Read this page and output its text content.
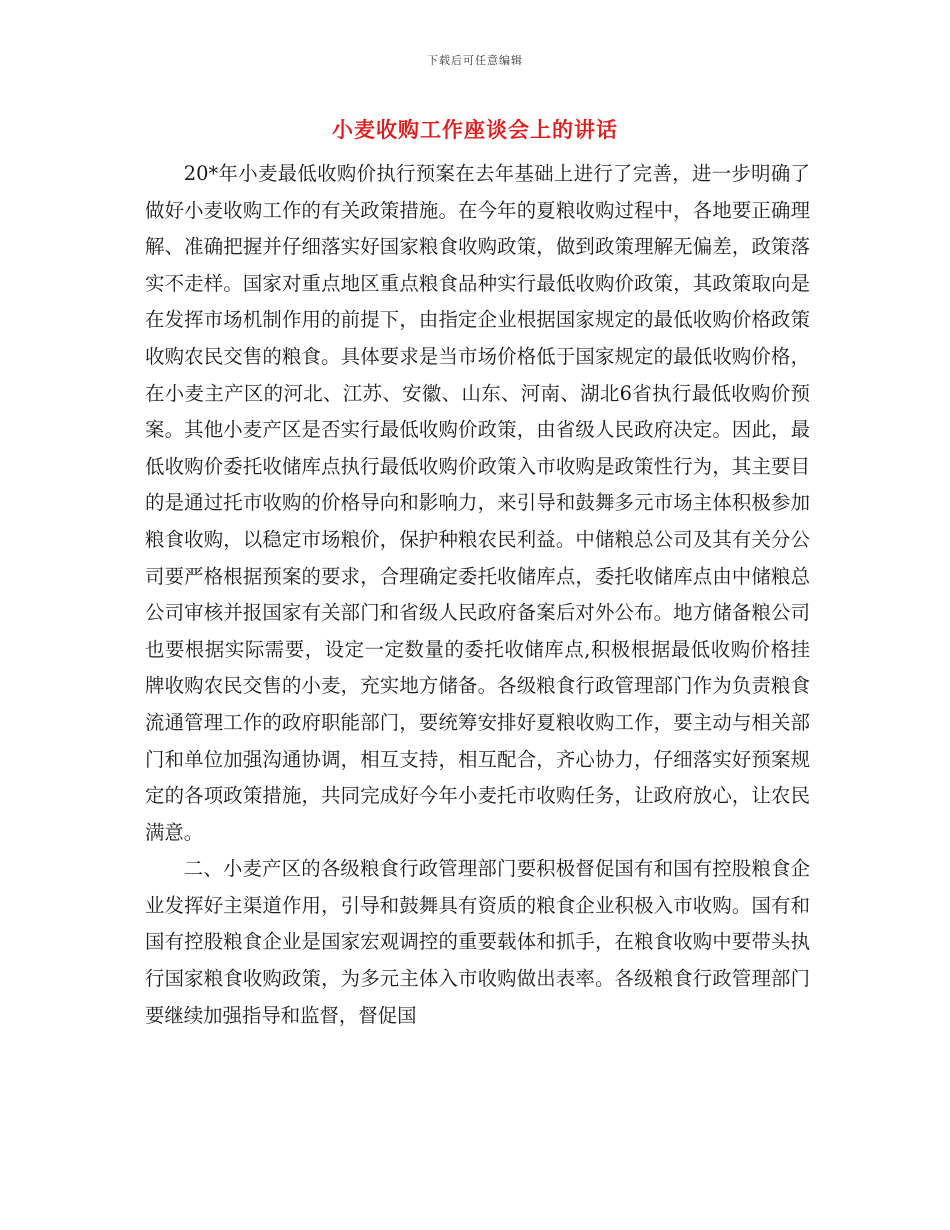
下载后可任意编辑
小麦收购工作座谈会上的讲话

20*年小麦最低收购价执行预案在去年基础上进行了完善，进一步明确了做好小麦收购工作的有关政策措施。在今年的夏粮收购过程中，各地要正确理解、准确把握并仔细落实好国家粮食收购政策，做到政策理解无偏差，政策落实不走样。国家对重点地区重点粮食品种实行最低收购价政策，其政策取向是在发挥市场机制作用的前提下，由指定企业根据国家规定的最低收购价格政策收购农民交售的粮食。具体要求是当市场价格低于国家规定的最低收购价格，在小麦主产区的河北、江苏、安徽、山东、河南、湖北6省执行最低收购价预案。其他小麦产区是否实行最低收购价政策，由省级人民政府决定。因此，最低收购价委托收储库点执行最低收购价政策入市收购是政策性行为，其主要目的是通过托市收购的价格导向和影响力，来引导和鼓舞多元市场主体积极参加粮食收购，以稳定市场粮价，保护种粮农民利益。中储粮总公司及其有关分公司要严格根据预案的要求，合理确定委托收储库点，委托收储库点由中储粮总公司审核并报国家有关部门和省级人民政府备案后对外公布。地方储备粮公司也要根据实际需要，设定一定数量的委托收储库点,积极根据最低收购价格挂牌收购农民交售的小麦，充实地方储备。各级粮食行政管理部门作为负责粮食流通管理工作的政府职能部门，要统筹安排好夏粮收购工作，要主动与相关部门和单位加强沟通协调，相互支持，相互配合，齐心协力，仔细落实好预案规定的各项政策措施，共同完成好今年小麦托市收购任务，让政府放心，让农民满意。

二、小麦产区的各级粮食行政管理部门要积极督促国有和国有控股粮食企业发挥好主渠道作用，引导和鼓舞具有资质的粮食企业积极入市收购。国有和国有控股粮食企业是国家宏观调控的重要载体和抓手，在粮食收购中要带头执行国家粮食收购政策，为多元主体入市收购做出表率。各级粮食行政管理部门要继续加强指导和监督，督促国
